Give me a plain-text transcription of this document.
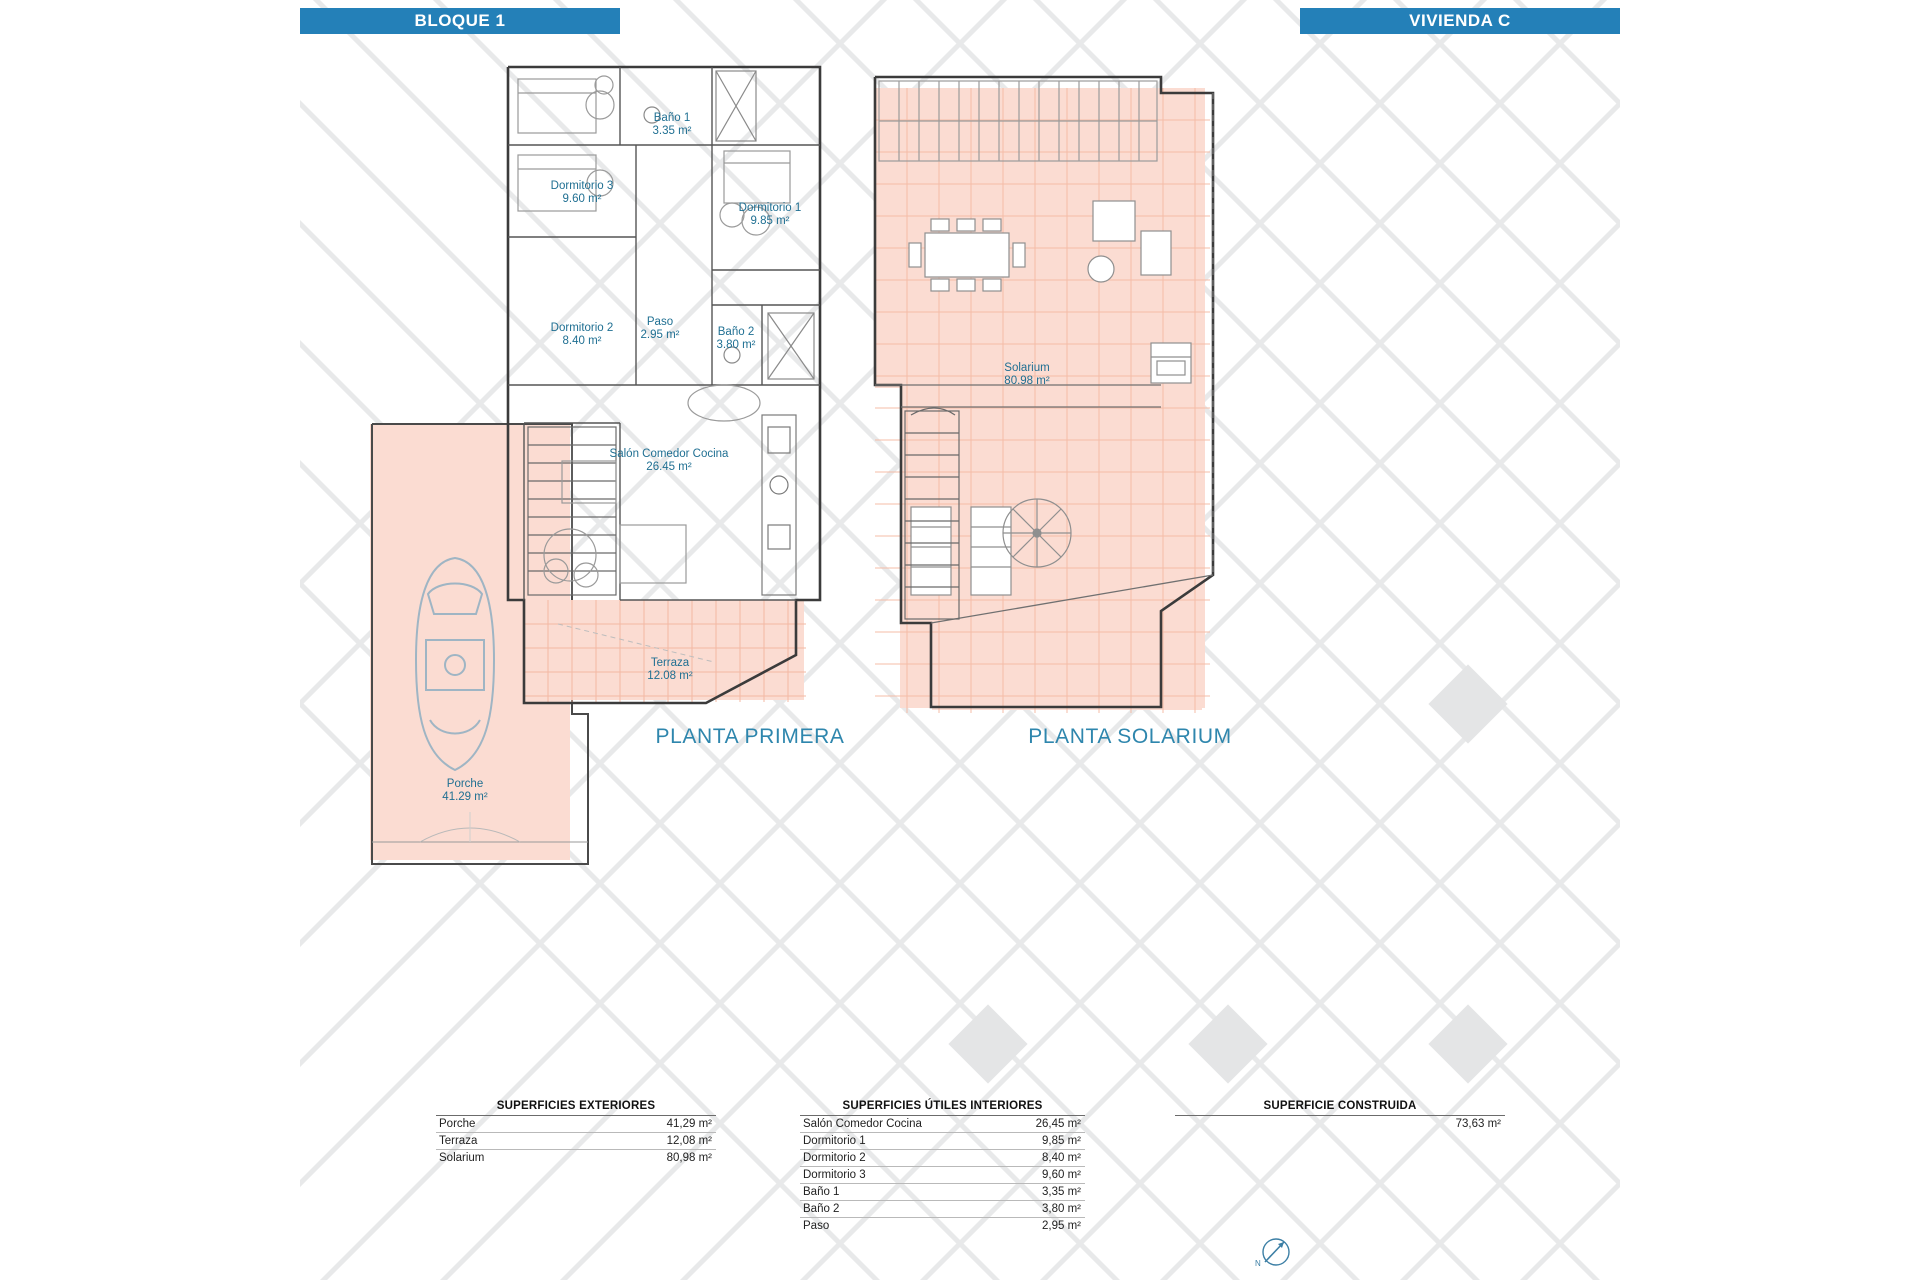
BLOQUE 1	VIVIENDA C
Baño 1
3.35 m²
Dormitorio 3
9.60 m²
Dormitorio 1
9.85 m²
Dormitorio 2
8.40 m²
Paso
2.95 m²	Baño 2
3.80 m²
Salón Comedor Cocina
26.45 m²
Terraza
12.08 m²
Porche
41.29 m²
PLANTA PRIMERA
Solarium
80.98 m²
PLANTA SOLARIUM
SUPERFICIES EXTERIORES
Porche	41,29 m²
Terraza	12,08 m²
Solarium	80,98 m²
SUPERFICIES ÚTILES INTERIORES
Salón Comedor Cocina	26,45 m²
Dormitorio 1	9,85 m²
Dormitorio 2	8,40 m²
Dormitorio 3	9,60 m²
Baño 1	3,35 m²
Baño 2	3,80 m²
Paso	2,95 m²
SUPERFICIE CONSTRUIDA
	73,63 m²
N
